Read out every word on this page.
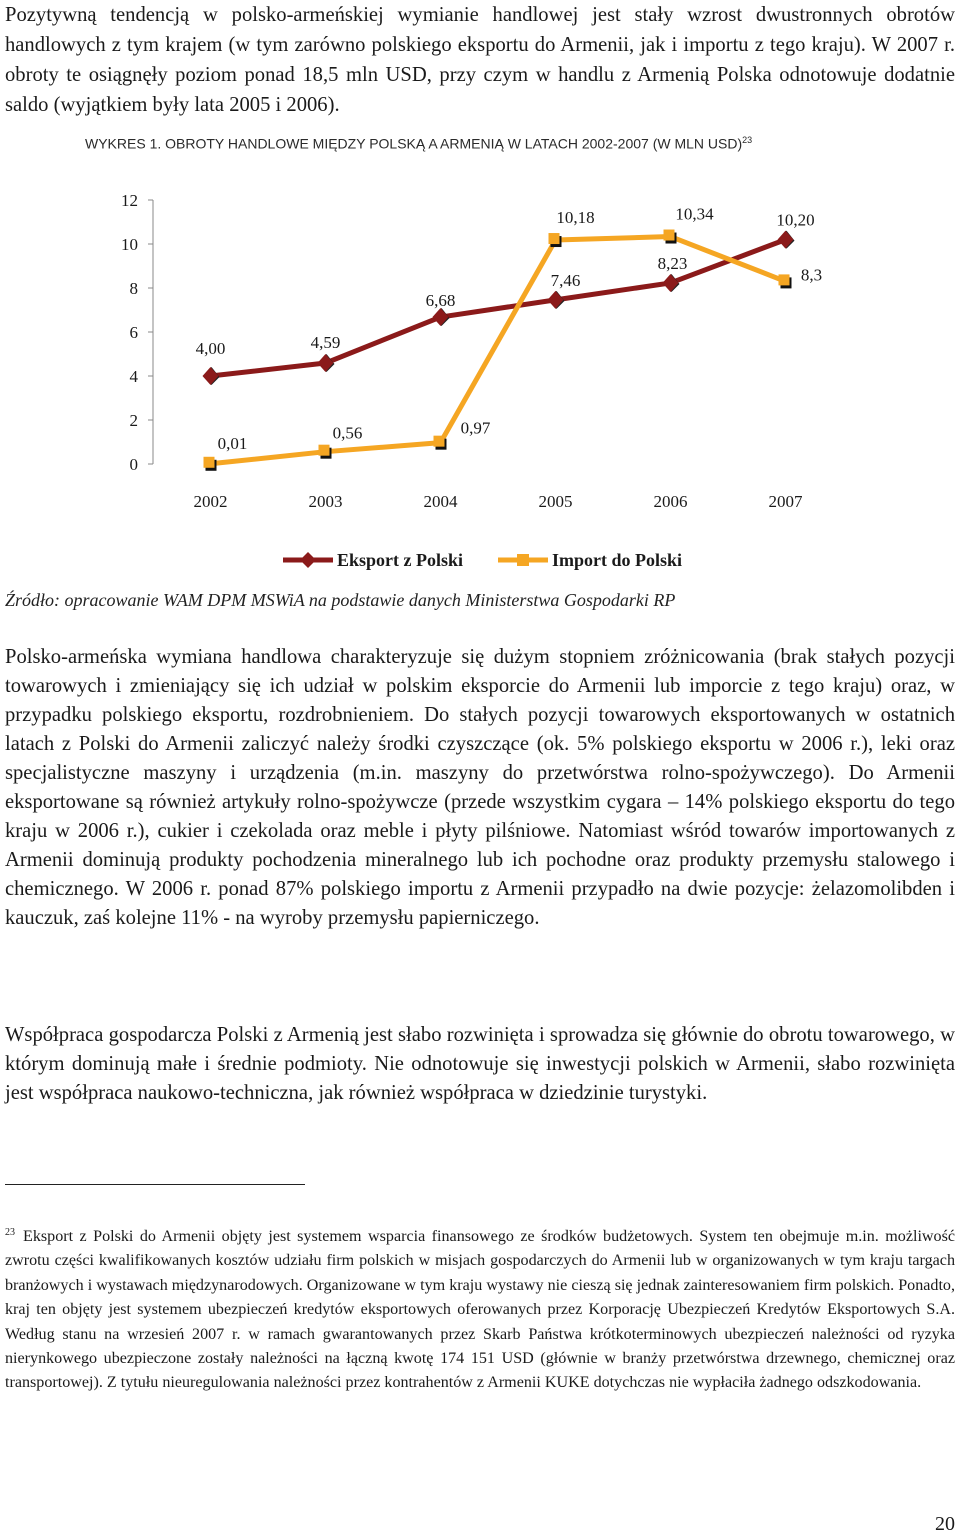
Pozytywną tendencją w polsko-armeńskiej wymianie handlowej jest stały wzrost dwustronnych obrotów handlowych z tym krajem (w tym zarówno polskiego eksportu do Armenii, jak i importu z tego kraju). W 2007 r. obroty te osiągnęły poziom ponad 18,5 mln USD, przy czym w handlu z Armenią Polska odnotowuje dodatnie saldo (wyjątkiem były lata 2005 i 2006).

WYKRES 1. OBROTY HANDLOWE MIĘDZY POLSKĄ A ARMENIĄ W LATACH 2002-2007 (W MLN USD)$^{23}$
0
2
4
6
8
10
12
2002	2003	2004	2005	2006	2007
4,00	4,59
6,68
7,46
8,23
10,20
0,01
0,56	0,97
10,18	10,34
8,3
Eksport z Polski	Import do Polski
Źródło: opracowanie WAM DPM MSWiA na podstawie danych Ministerstwa Gospodarki RP

Polsko-armeńska wymiana handlowa charakteryzuje się dużym stopniem zróżnicowania (brak stałych pozycji towarowych i zmieniający się ich udział w polskim eksporcie do Armenii lub imporcie z tego kraju) oraz, w przypadku polskiego eksportu, rozdrobnieniem. Do stałych pozycji towarowych eksportowanych w ostatnich latach z Polski do Armenii zaliczyć należy środki czyszczące (ok. 5% polskiego eksportu w 2006 r.), leki oraz specjalistyczne maszyny i urządzenia (m.in. maszyny do przetwórstwa rolno-spożywczego). Do Armenii eksportowane są również artykuły rolno-spożywcze (przede wszystkim cygara – 14% polskiego eksportu do tego kraju w 2006 r.), cukier i czekolada oraz meble i płyty pilśniowe. Natomiast wśród towarów importowanych z Armenii dominują produkty pochodzenia mineralnego lub ich pochodne oraz produkty przemysłu stalowego i chemicznego. W 2006 r. ponad 87% polskiego importu z Armenii przypadło na dwie pozycje: żelazomolibden i kauczuk, zaś kolejne 11% - na wyroby przemysłu papierniczego.

Współpraca gospodarcza Polski z Armenią jest słabo rozwinięta i sprowadza się głównie do obrotu towarowego, w którym dominują małe i średnie podmioty. Nie odnotowuje się inwestycji polskich w Armenii, słabo rozwinięta jest współpraca naukowo-techniczna, jak również współpraca w dziedzinie turystyki.

$^{23}$ Eksport z Polski do Armenii objęty jest systemem wsparcia finansowego ze środków budżetowych. System ten obejmuje m.in. możliwość zwrotu części kwalifikowanych kosztów udziału firm polskich w misjach gospodarczych do Armenii lub w organizowanych w tym kraju targach branżowych i wystawach międzynarodowych. Organizowane w tym kraju wystawy nie cieszą się jednak zainteresowaniem firm polskich. Ponadto, kraj ten objęty jest systemem ubezpieczeń kredytów eksportowych oferowanych przez Korporację Ubezpieczeń Kredytów Eksportowych S.A. Według stanu na wrzesień 2007 r. w ramach gwarantowanych przez Skarb Państwa krótkoterminowych ubezpieczeń należności od ryzyka nierynkowego ubezpieczone zostały należności na łączną kwotę 174 151 USD (głównie w branży przetwórstwa drzewnego, chemicznej oraz transportowej). Z tytułu nieuregulowania należności przez kontrahentów z Armenii KUKE dotychczas nie wypłaciła żadnego odszkodowania.

20
